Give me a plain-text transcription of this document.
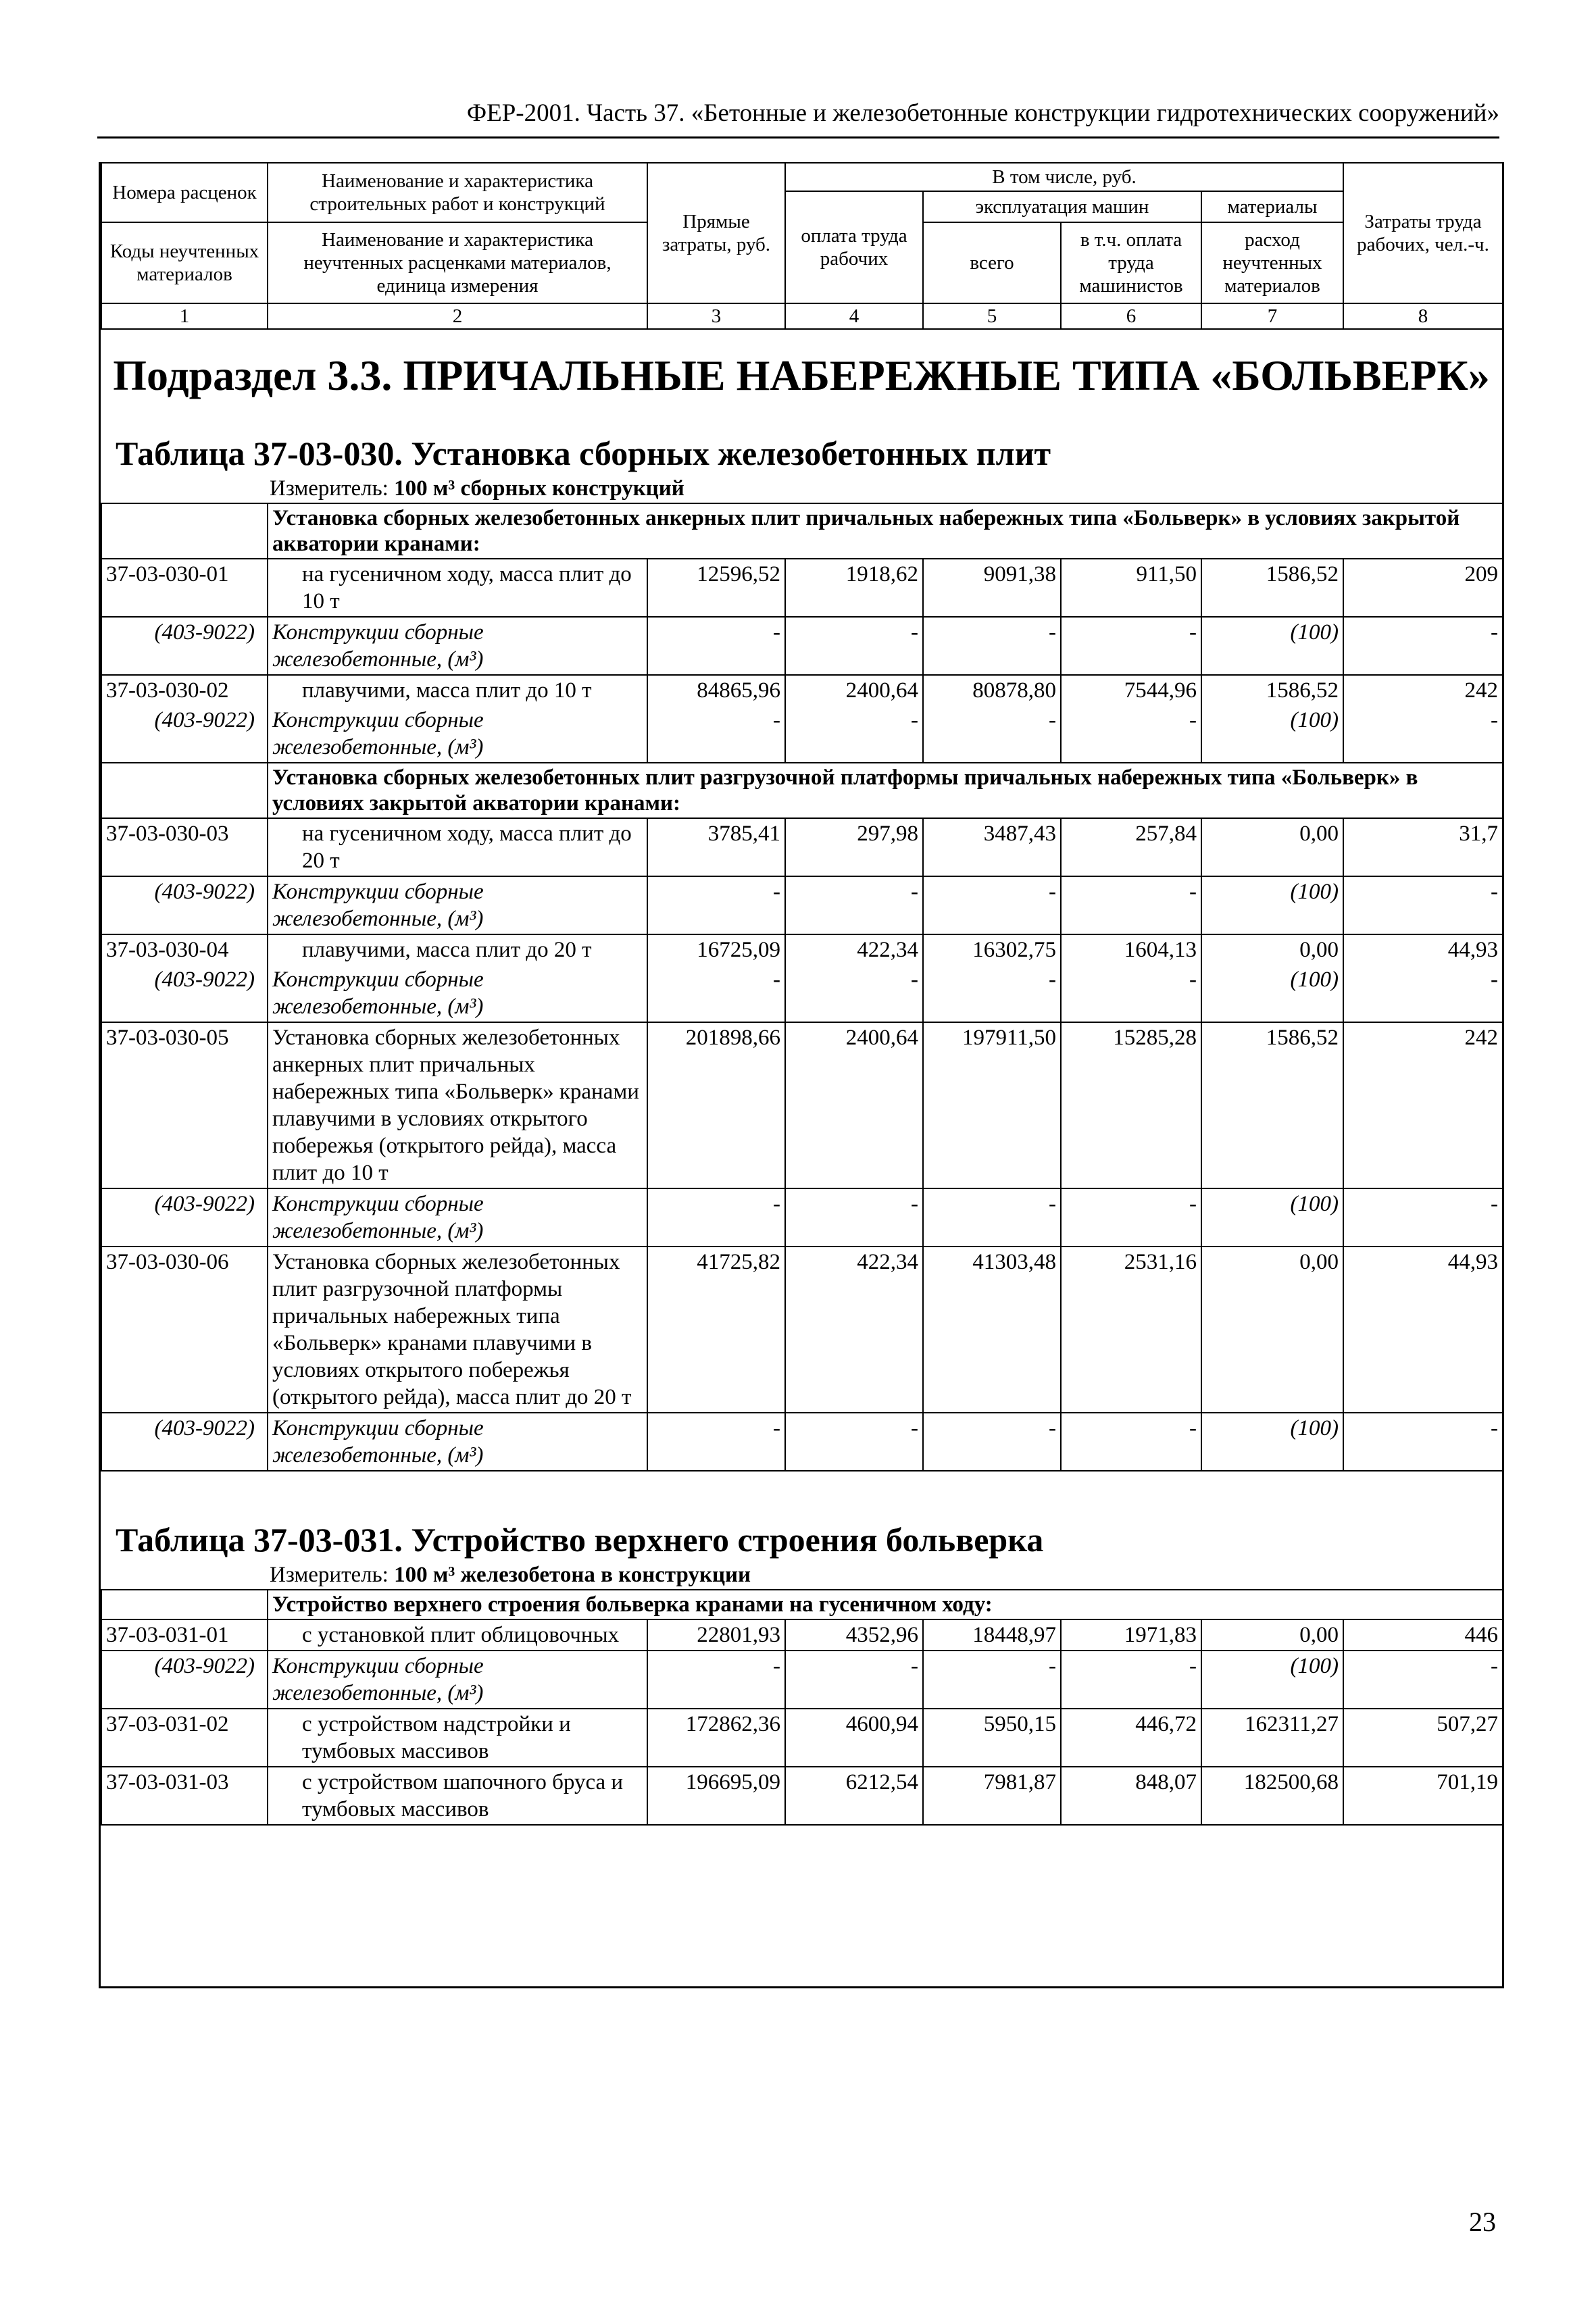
ФЕР-2001. Часть 37. «Бетонные и железобетонные конструкции гидротехнических сооружений»
Номера расценок	Наименование и характеристика строительных работ и конструкций	Прямые затраты, руб.	В том числе, руб.				Затраты труда рабочих, чел.-ч.
			оплата труда рабочих	эксплуатация машин		материалы	
Коды неучтенных материалов	Наименование и характеристика неучтенных расценками материалов, единица измерения			всего	в т.ч. оплата труда машинистов	расход неучтенных материалов	

1	2	3	4	5	6	7	8
Подраздел 3.3. ПРИЧАЛЬНЫЕ НАБЕРЕЖНЫЕ ТИПА «БОЛЬВЕРК»
Таблица 37-03-030. Установка сборных железобетонных плит
Измеритель: 100 м³ сборных конструкций
	Установка сборных железобетонных анкерных плит причальных набережных типа «Больверк» в условиях закрытой акватории кранами:						
37-03-030-01	на гусеничном ходу, масса плит до 10 т	12596,52	1918,62	9091,38	911,50	1586,52	209
(403-9022)	Конструкции сборные железобетонные, (м³)	-	-	-	-	(100)	-
37-03-030-02	плавучими, масса плит до 10 т	84865,96	2400,64	80878,80	7544,96	1586,52	242
(403-9022)	Конструкции сборные железобетонные, (м³)	-	-	-	-	(100)	-
	Установка сборных железобетонных плит разгрузочной платформы причальных набережных типа «Больверк» в условиях закрытой акватории кранами:						
37-03-030-03	на гусеничном ходу, масса плит до 20 т	3785,41	297,98	3487,43	257,84	0,00	31,7
(403-9022)	Конструкции сборные железобетонные, (м³)	-	-	-	-	(100)	-
37-03-030-04	плавучими, масса плит до 20 т	16725,09	422,34	16302,75	1604,13	0,00	44,93
(403-9022)	Конструкции сборные железобетонные, (м³)	-	-	-	-	(100)	-
37-03-030-05	Установка сборных железобетонных анкерных плит причальных набережных типа «Больверк» кранами плавучими в условиях открытого побережья (открытого рейда), масса плит до 10 т	201898,66	2400,64	197911,50	15285,28	1586,52	242
(403-9022)	Конструкции сборные железобетонные, (м³)	-	-	-	-	(100)	-
37-03-030-06	Установка сборных железобетонных плит разгрузочной платформы причальных набережных типа «Больверк» кранами плавучими в условиях открытого побережья (открытого рейда), масса плит до 20 т	41725,82	422,34	41303,48	2531,16	0,00	44,93
(403-9022)	Конструкции сборные железобетонные, (м³)	-	-	-	-	(100)	-
Таблица 37-03-031. Устройство верхнего строения больверка
Измеритель: 100 м³ железобетона в конструкции
	Устройство верхнего строения больверка кранами на гусеничном ходу:						
37-03-031-01	с установкой плит облицовочных	22801,93	4352,96	18448,97	1971,83	0,00	446
(403-9022)	Конструкции сборные железобетонные, (м³)	-	-	-	-	(100)	-
37-03-031-02	с устройством надстройки и тумбовых массивов	172862,36	4600,94	5950,15	446,72	162311,27	507,27
37-03-031-03	с устройством шапочного бруса и тумбовых массивов	196695,09	6212,54	7981,87	848,07	182500,68	701,19
23
